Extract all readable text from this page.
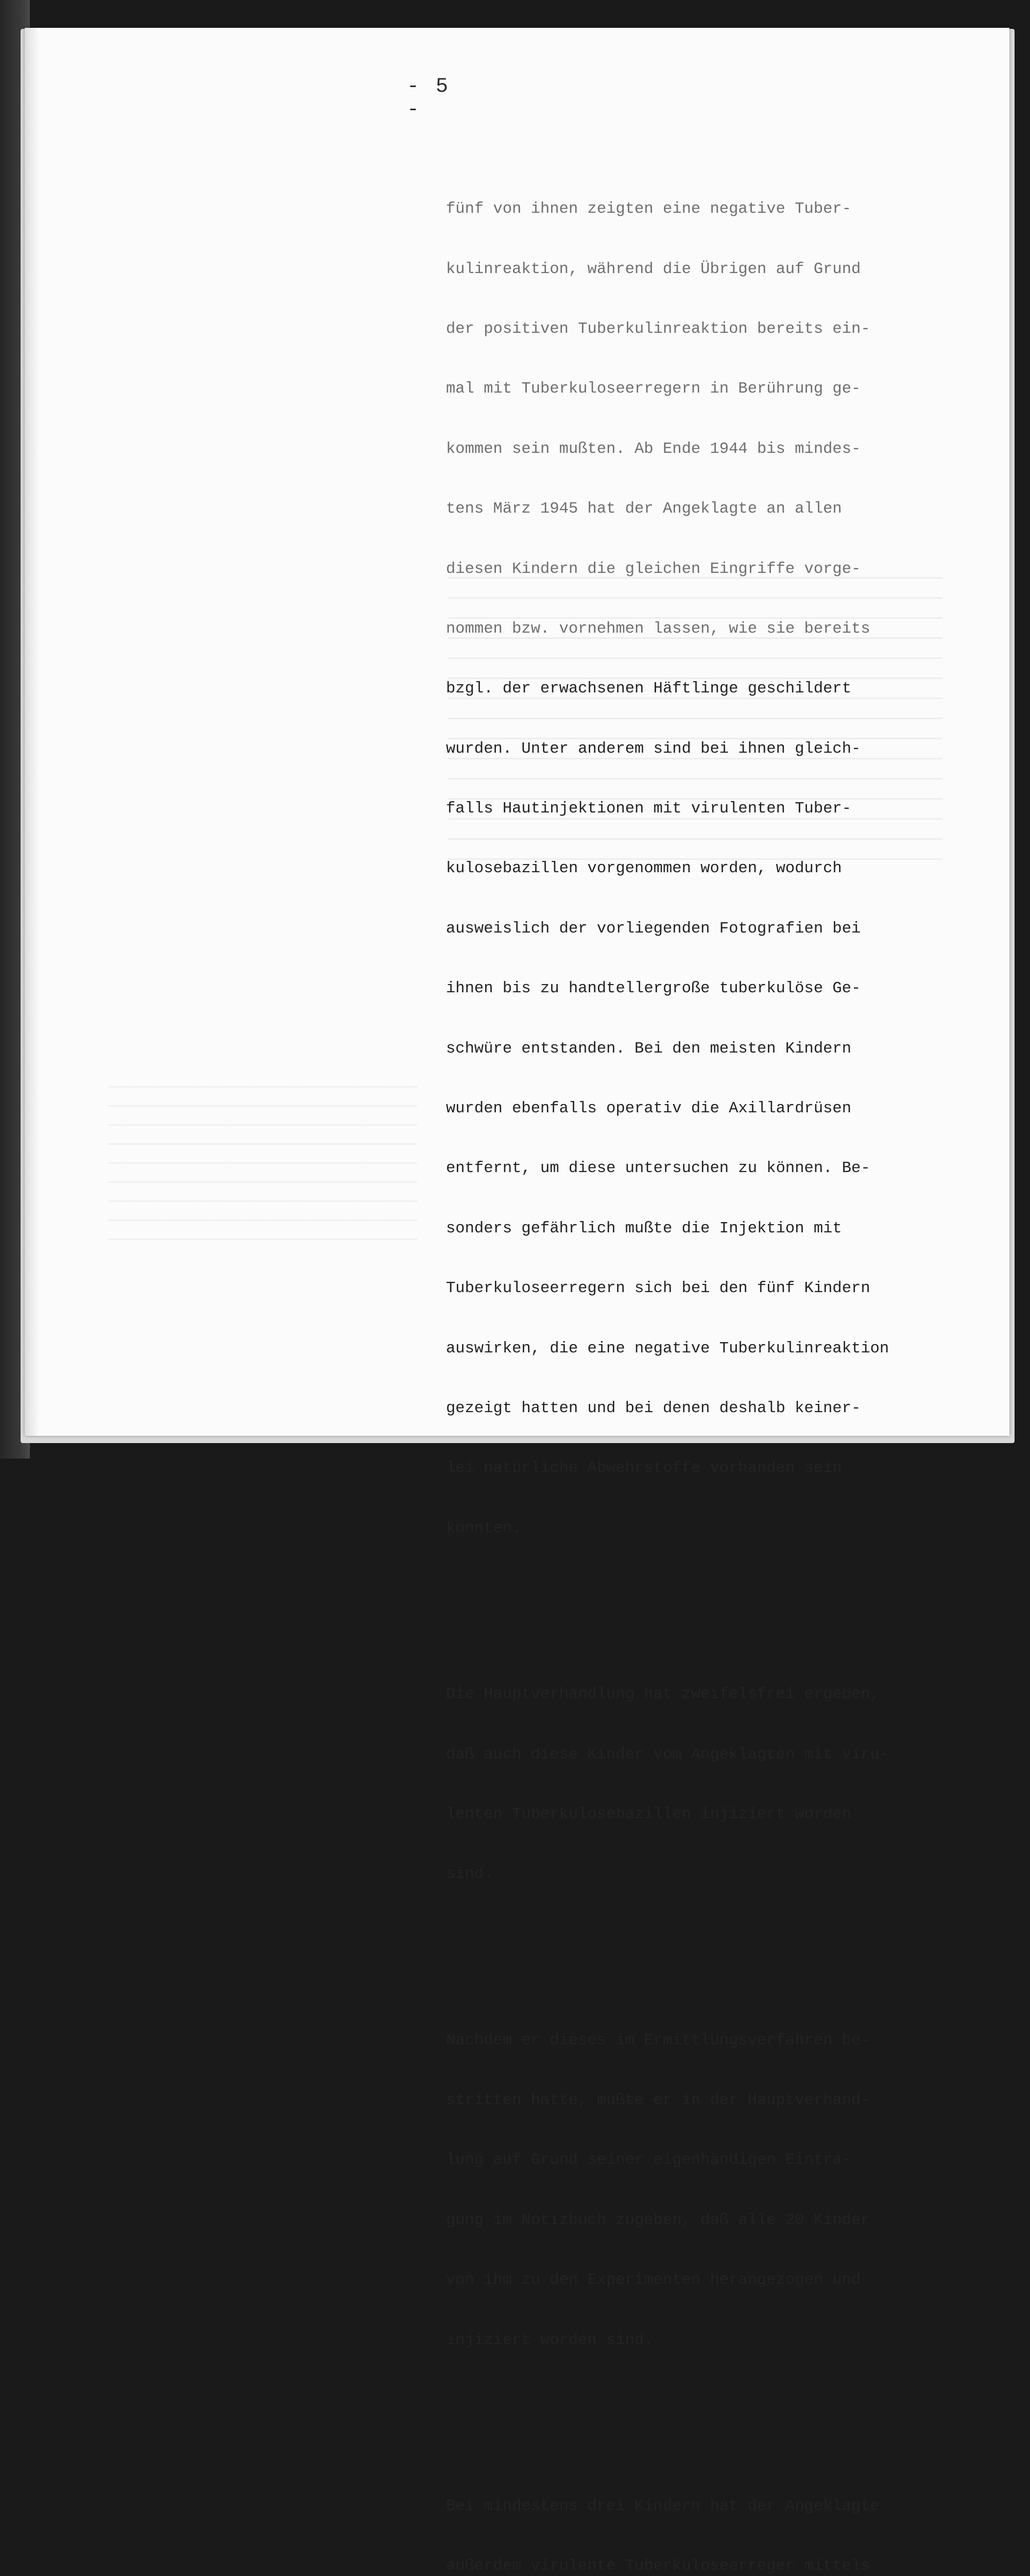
- 5 -

fünf von ihnen zeigten eine negative Tuber-

kulinreaktion, während die Übrigen auf Grund

der positiven Tuberkulinreaktion bereits ein-

mal mit Tuberkuloseerregern in Berührung ge-

kommen sein mußten. Ab Ende 1944 bis mindes-

tens März 1945 hat der Angeklagte an allen

diesen Kindern die gleichen Eingriffe vorge-

nommen bzw. vornehmen lassen, wie sie bereits

bzgl. der erwachsenen Häftlinge geschildert

wurden. Unter anderem sind bei ihnen gleich-

falls Hautinjektionen mit virulenten Tuber-

kulosebazillen vorgenommen worden, wodurch

ausweislich der vorliegenden Fotografien bei

ihnen bis zu handtellergroße tuberkulöse Ge-

schwüre entstanden. Bei den meisten Kindern

wurden ebenfalls operativ die Axillardrüsen

entfernt, um diese untersuchen zu können. Be-

sonders gefährlich mußte die Injektion mit

Tuberkuloseerregern sich bei den fünf Kindern

auswirken, die eine negative Tuberkulinreaktion

gezeigt hatten und bei denen deshalb keiner-

lei natürliche Abwehrstoffe vorhanden sein

konnten.

Die Hauptverhandlung hat zweifelsfrei ergeben,

daß auch diese Kinder vom Angeklagten mit viru-

lenten Tuberkulosebazillen injiziert worden

sind.

Nachdem er dieses im Ermittlungsverfahren be-

stritten hatte, mußte er in der Hauptverhand-

lung auf Grund seiner eigenhändigen Eintra-

gung im Notizbuch zugeben, daß alle 20 Kinder

von ihm zu den Experimenten herangezogen und

injiziert worden sind.

Bei mindestens drei Kindern hat der Angeklagte

außerdem virulente Tuberkuloseerreger mittels
